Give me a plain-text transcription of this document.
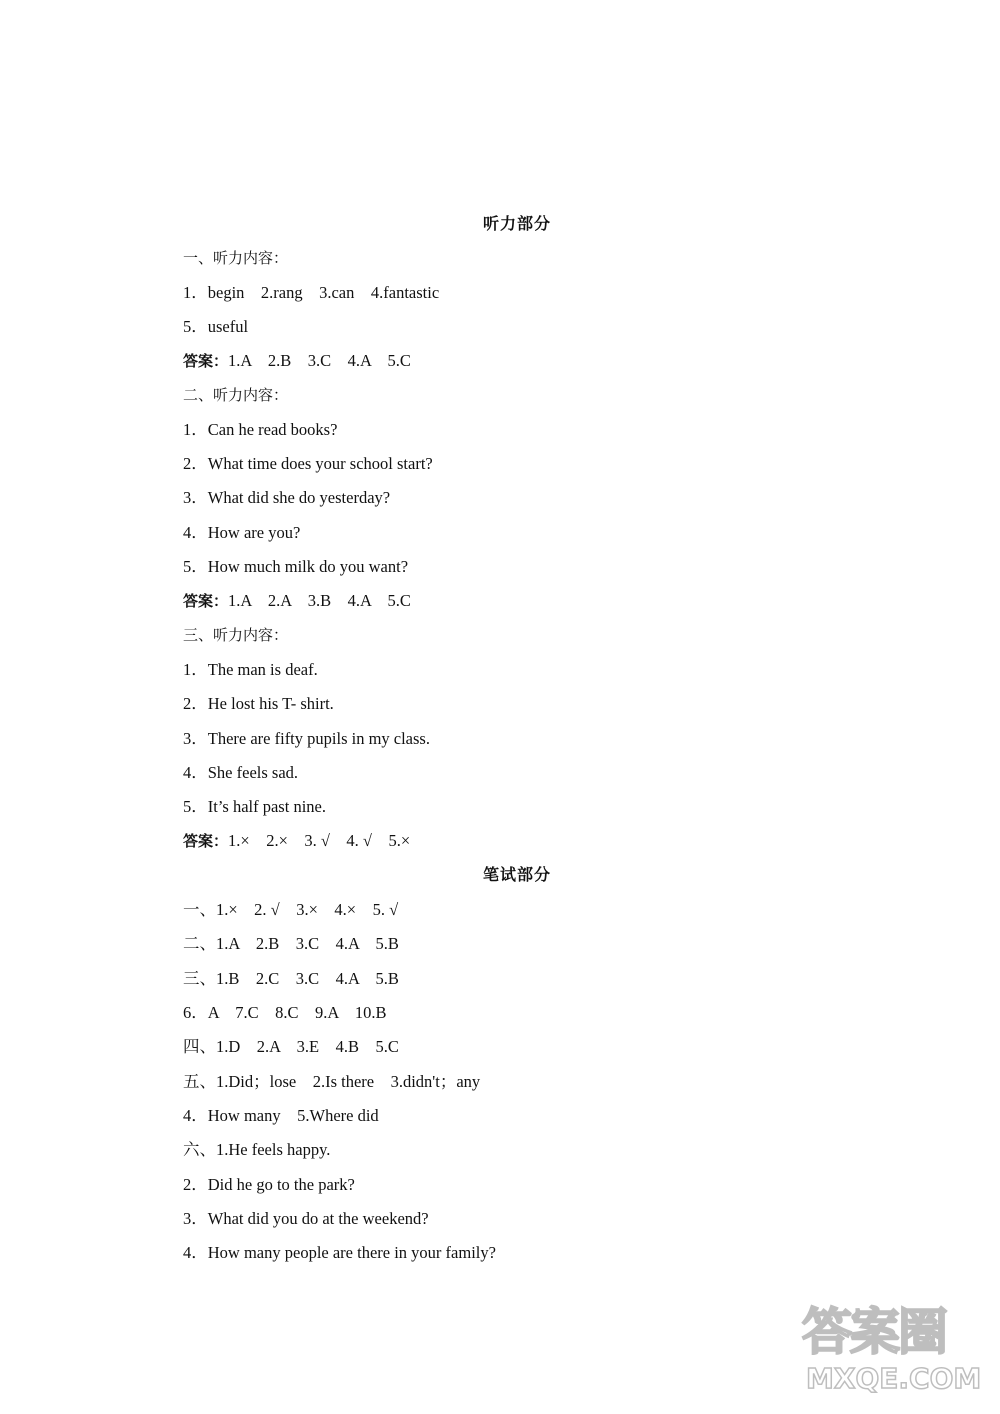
听力部分
一、听力内容：
1．begin    2.rang    3.can    4.fantastic
5．useful
答案：1.A    2.B    3.C    4.A    5.C
二、听力内容：
1．Can he read books?
2．What time does your school start?
3．What did she do yesterday?
4．How are you?
5．How much milk do you want?
答案：1.A    2.A    3.B    4.A    5.C
三、听力内容：
1．The man is deaf.
2．He lost his T- shirt.
3．There are fifty pupils in my class.
4．She feels sad.
5．It’s half past nine.
答案：1.×    2.×    3. √    4. √    5.×
笔试部分
一、1.×    2. √    3.×    4.×    5. √
二、1.A    2.B    3.C    4.A    5.B
三、1.B    2.C    3.C    4.A    5.B
6．A    7.C    8.C    9.A    10.B
四、1.D    2.A    3.E    4.B    5.C
五、1.Did；lose    2.Is there    3.didn't；any
4．How many    5.Where did
六、1.He feels happy.
2．Did he go to the park?
3．What did you do at the weekend?
4．How many people are there in your family?
答案圈
MXQE.COM
